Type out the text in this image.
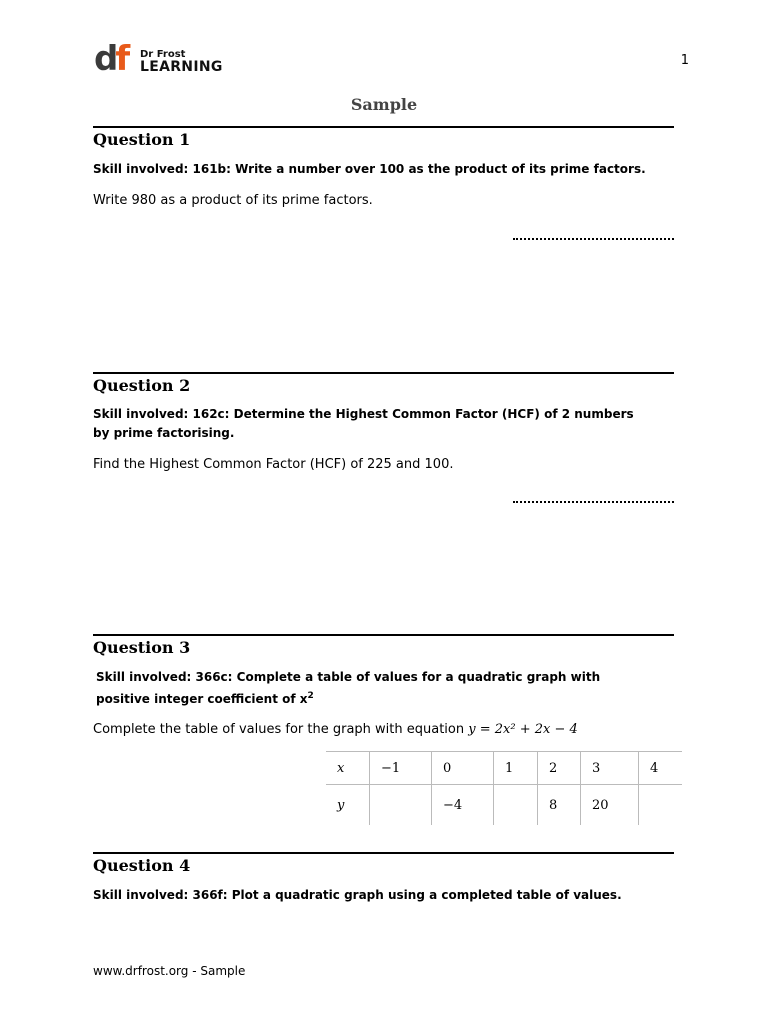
df Dr Frost
LEARNING	1
Sample
Question 1
Skill involved: 161b: Write a number over 100 as the product of its prime factors.
Write 980 as a product of its prime factors.
Question 2
Skill involved: 162c: Determine the Highest Common Factor (HCF) of 2 numbers by prime factorising.
Find the Highest Common Factor (HCF) of 225 and 100.
Question 3
Skill involved: 366c: Complete a table of values for a quadratic graph with positive integer coefficient of $x^2$
Complete the table of values for the graph with equation y = 2x² + 2x − 4
x	−1	0	1	2	3	4
y		−4		8	20	
Question 4
Skill involved: 366f: Plot a quadratic graph using a completed table of values.
www.drfrost.org - Sample
